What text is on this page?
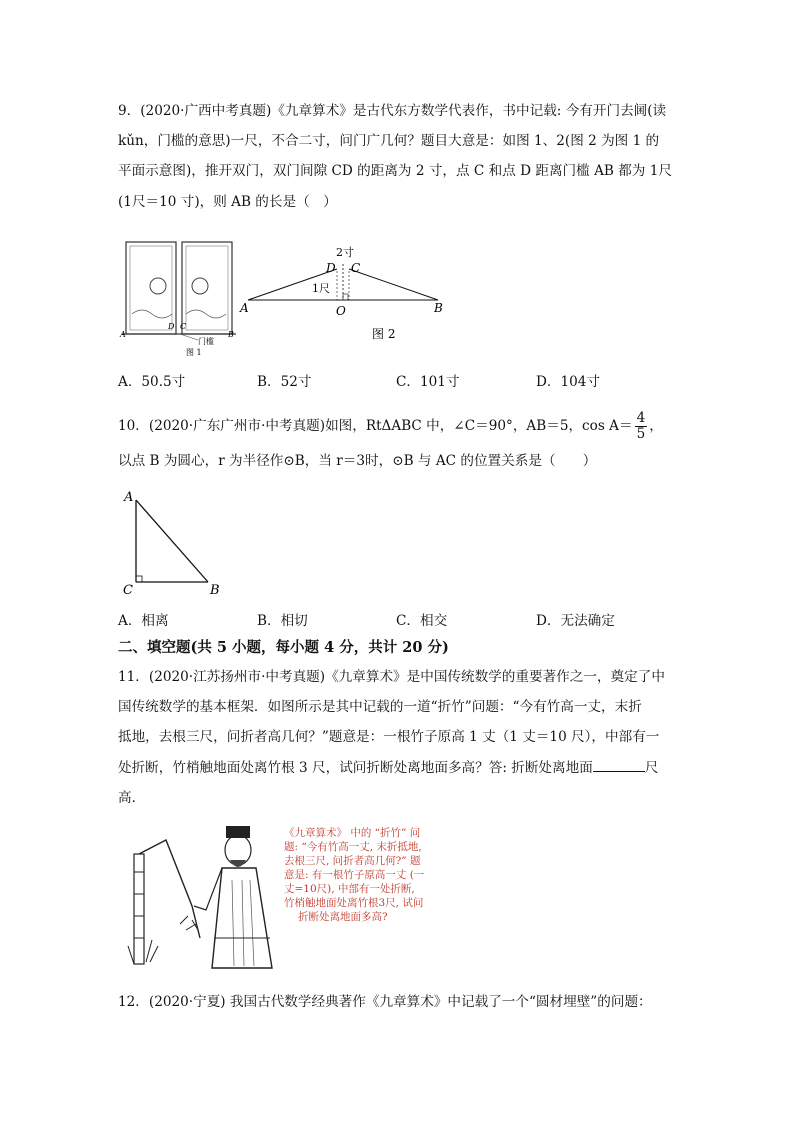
9．(2020·广西中考真题)《九章算术》是古代东方数学代表作，书中记载: 今有开门去阃(读
kǔn，门槛的意思)一尺，不合二寸，问门广几何？题目大意是：如图 1、2(图 2 为图 1 的
平面示意图)，推开双门，双门间隙 CD 的距离为 2 寸，点 C 和点 D 距离门槛 AB 都为 1尺
(1尺＝10 寸)，则 AB 的长是（　）
A
D C
B
门槛
图 1
2寸
D C
1尺
A	O	B
图 2
A．50.5寸	B．52寸	C．101寸	D．104寸
10．(2020·广东广州市·中考真题)如图，RtΔABC 中，∠C＝90°，AB＝5，$\cos A= \frac{4}{5}$ ，
以点 B 为圆心，r 为半径作⊙B，当 r＝3时，⊙B 与 AC 的位置关系是（　　）
A
C	B
A．相离	B．相切	C．相交	D．无法确定
二、填空题(共 5 小题，每小题 4 分，共计 20 分)
11．(2020·江苏扬州市·中考真题)《九章算术》是中国传统数学的重要著作之一，奠定了中
国传统数学的基本框架．如图所示是其中记载的一道“折竹”问题：“今有竹高一丈，末折
抵地，去根三尺，问折者高几何？”题意是：一根竹子原高 1 丈（1 丈＝10 尺），中部有一
处折断，竹梢触地面处离竹根 3 尺，试问折断处离地面多高？答: 折断处离地面	尺
高．
《九章算术》 中的 “折竹” 问
题: “今有竹高一丈, 末折抵地,
去根三尺, 问折者高几何?” 题
意是: 有一根竹子原高一丈 (一
丈=10尺), 中部有一处折断,
竹梢触地面处离竹根3尺, 试问
折断处离地面多高?
12．(2020·宁夏) 我国古代数学经典著作《九章算术》中记载了一个“圆材埋壁”的问题：
